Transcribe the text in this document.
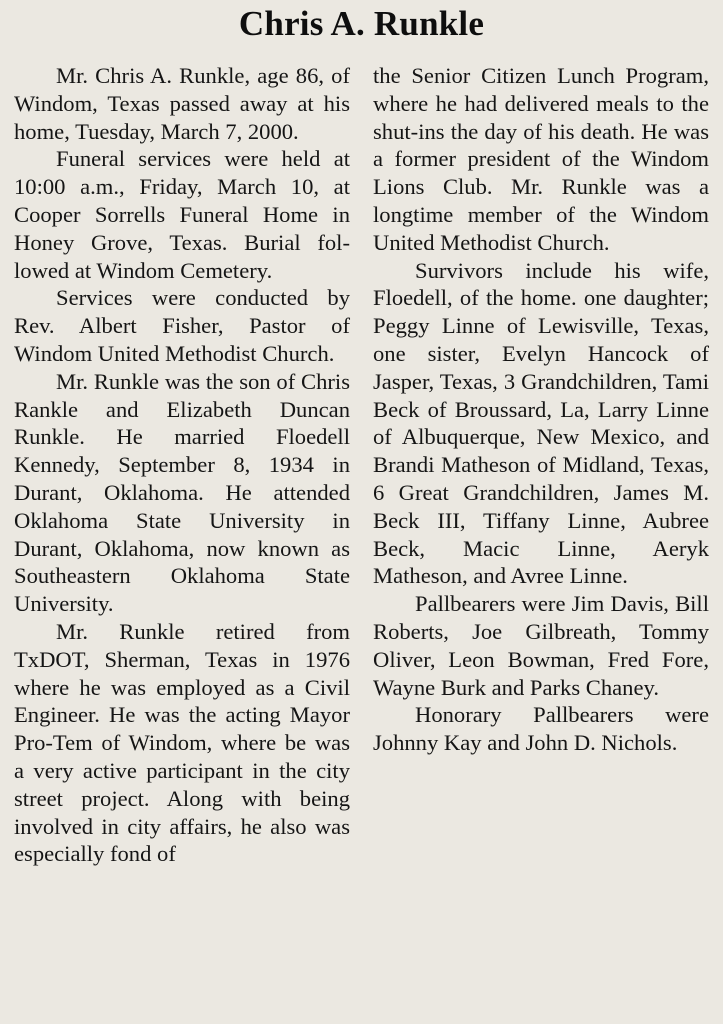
Chris A. Runkle

Mr. Chris A. Runkle, age 86, of Windom, Texas passed away at his home, Tuesday, March 7, 2000.

Funeral services were held at 10:00 a.m., Friday, March 10, at Cooper Sorrells Funeral Home in Honey Grove, Texas. Burial followed at Windom Cemetery.

Services were conducted by Rev. Albert Fisher, Pastor of Windom United Methodist Church.

Mr. Runkle was the son of Chris Rankle and Elizabeth Duncan Runkle. He married Floedell Kennedy, September 8, 1934 in Durant, Oklahoma. He attended Oklahoma State University in Durant, Oklahoma, now known as Southeastern Oklahoma State University.

Mr. Runkle retired from TxDOT, Sherman, Texas in 1976 where he was employed as a Civil Engineer. He was the acting Mayor Pro-Tem of Windom, where be was a very active participant in the city street project. Along with being involved in city affairs, he also was especially fond of

the Senior Citizen Lunch Program, where he had delivered meals to the shut-ins the day of his death. He was a former president of the Windom Lions Club. Mr. Runkle was a longtime member of the Windom United Methodist Church.

Survivors include his wife, Floedell, of the home. one daughter; Peggy Linne of Lewisville, Texas, one sister, Evelyn Hancock of Jasper, Texas, 3 Grandchildren, Tami Beck of Broussard, La, Larry Linne of Albuquerque, New Mexico, and Brandi Matheson of Midland, Texas, 6 Great Grandchildren, James M. Beck III, Tiffany Linne, Aubree Beck, Macic Linne, Aeryk Matheson, and Avree Linne.

Pallbearers were Jim Davis, Bill Roberts, Joe Gilbreath, Tommy Oliver, Leon Bowman, Fred Fore, Wayne Burk and Parks Chaney.

Honorary Pallbearers were Johnny Kay and John D. Nichols.
